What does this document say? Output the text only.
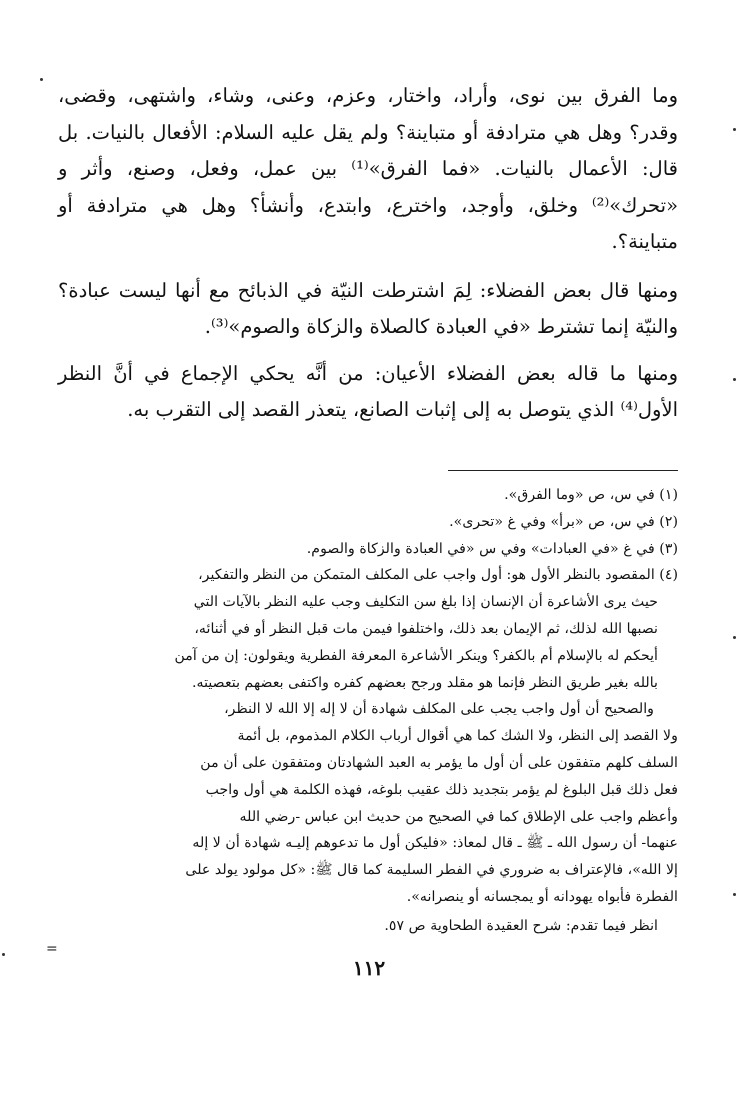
وما الفرق بين نوى، وأراد، واختار، وعزم، وعنى، وشاء، واشتهى، وقضى، وقدر؟ وهل هي مترادفة أو متباينة؟ ولم يقل عليه السلام: الأفعال بالنيات. بل قال: الأعمال بالنيات. «فما الفرق»⁽¹⁾ بين عمل، وفعل، وصنع، وأثر و «تحرك»⁽²⁾ وخلق، وأوجد، واخترع، وابتدع، وأنشأ؟ وهل هي مترادفة أو متباينة؟.

ومنها قال بعض الفضلاء: لِمَ اشترطت النيّة في الذبائح مع أنها ليست عبادة؟ والنيّة إنما تشترط «في العبادة كالصلاة والزكاة والصوم»⁽³⁾.

ومنها ما قاله بعض الفضلاء الأعيان: من أنَّه يحكي الإجماع في أنَّ النظر الأول⁽⁴⁾ الذي يتوصل به إلى إثبات الصانع، يتعذر القصد إلى التقرب به.

(١) في س، ص «وما الفرق».

(٢) في س، ص «برأ» وفي غ «تحرى».

(٣) في غ «في العبادات» وفي س «في العبادة والزكاة والصوم.

(٤) المقصود بالنظر الأول هو: أول واجب على المكلف المتمكن من النظر والتفكير،

حيث يرى الأشاعرة أن الإنسان إذا بلغ سن التكليف وجب عليه النظر بالآيات التي

نصبها الله لذلك، ثم الإيمان بعد ذلك، واختلفوا فيمن مات قبل النظر أو في أثنائه،

أيحكم له بالإسلام أم بالكفر؟ وينكر الأشاعرة المعرفة الفطرية ويقولون: إن من آمن

بالله بغير طريق النظر فإنما هو مقلد ورجح بعضهم كفره واكتفى بعضهم بتعصيته.

والصحيح أن أول واجب يجب على المكلف شهادة أن لا إله إلا الله لا النظر،

ولا القصد إلى النظر، ولا الشك كما هي أقوال أرباب الكلام المذموم، بل أئمة

السلف كلهم متفقون على أن أول ما يؤمر به العبد الشهادتان ومتفقون على أن من

فعل ذلك قبل البلوغ لم يؤمر بتجديد ذلك عقيب بلوغه، فهذه الكلمة هي أول واجب

وأعظم واجب على الإطلاق كما في الصحيح من حديث ابن عباس -رضي الله

عنهما- أن رسول الله ـ ﷺ ـ قال لمعاذ: «فليكن أول ما تدعوهم إليـه شهادة أن لا إله

إلا الله»، فالإعتراف به ضروري في الفطر السليمة كما قال ﷺ: «كل مولود يولد على

الفطرة فأبواه يهودانه أو يمجسانه أو ينصرانه».

انظر فيما تقدم: شرح العقيدة الطحاوية ص ٥٧.

=
١١٢
